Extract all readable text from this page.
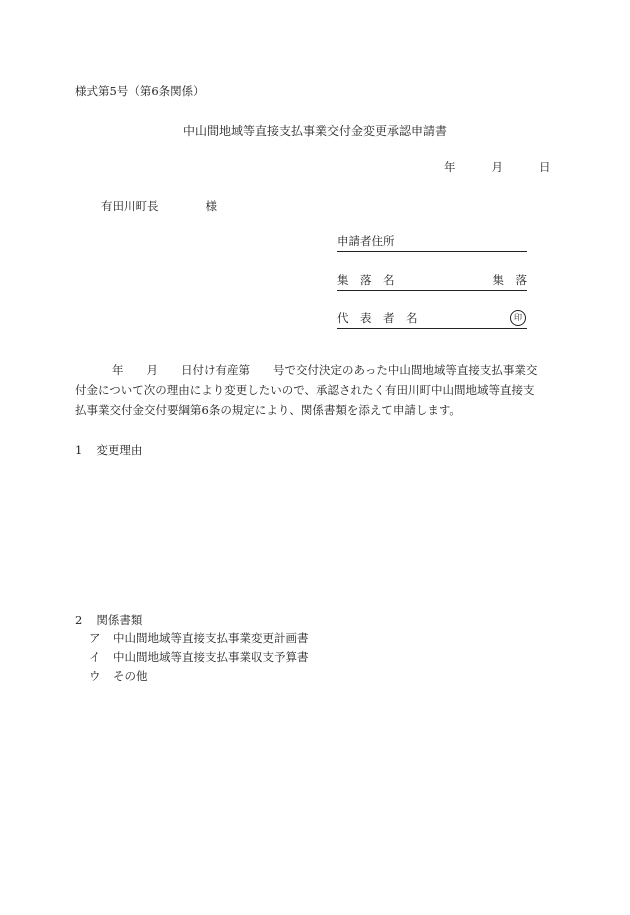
様式第5号（第6条関係）
中山間地域等直接支払事業交付金変更承認申請書
年	月	日
有田川町長	様
申請者住所
集　落　名	集　落
代　表　者　名	印

年　　月　　日付け有産第　　号で交付決定のあった中山間地域等直接支払事業交

付金について次の理由により変更したいので、承認されたく有田川町中山間地域等直接支

払事業交付金交付要綱第6条の規定により、関係書類を添えて申請します。

1 変更理由
2 関係書類
ア 中山間地域等直接支払事業変更計画書
イ 中山間地域等直接支払事業収支予算書
ウ その他
